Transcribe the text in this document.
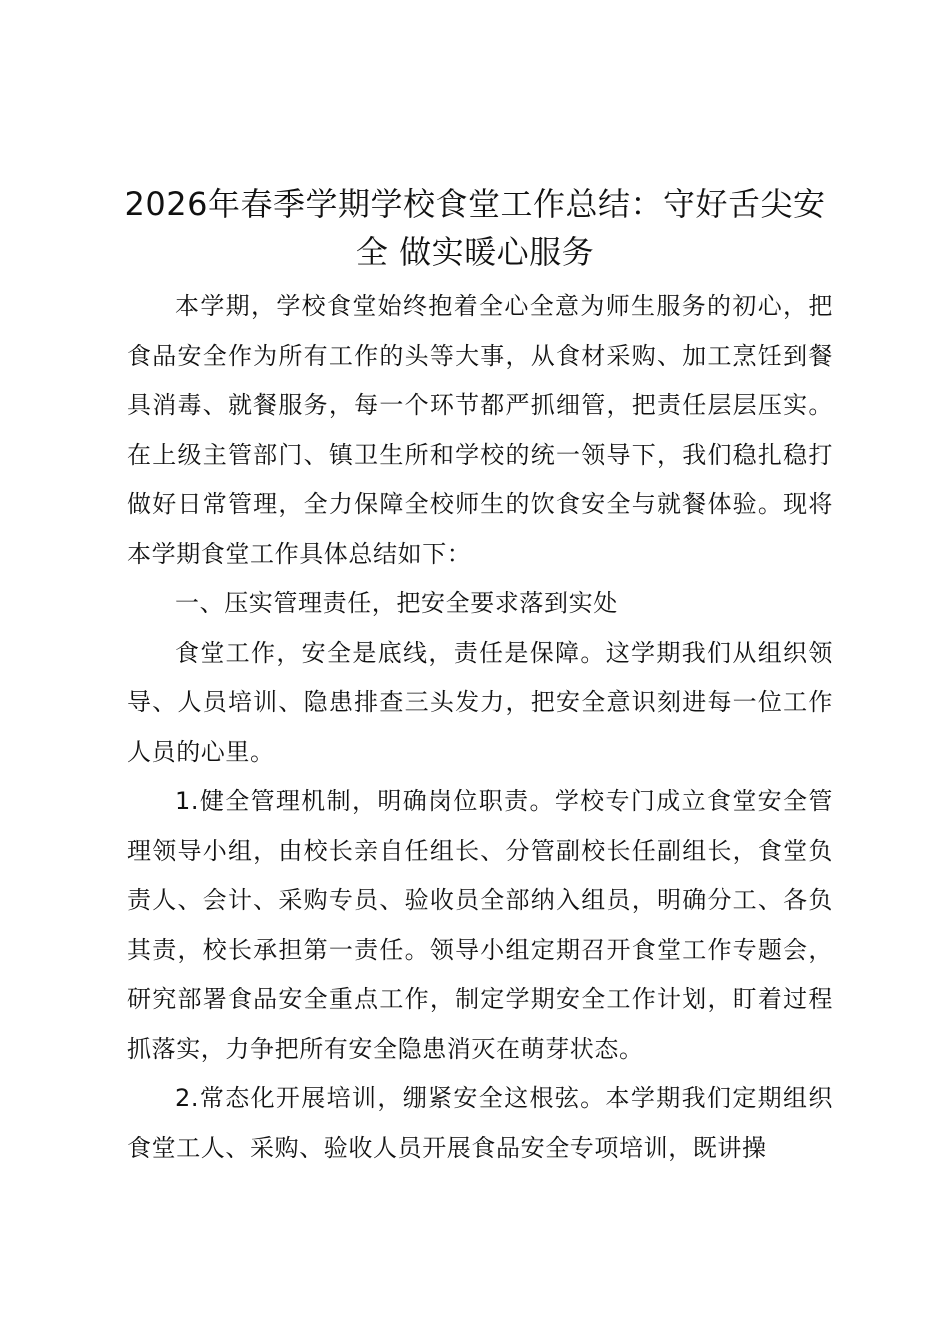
2026年春季学期学校食堂工作总结：守好舌尖安全 做实暖心服务

本学期，学校食堂始终抱着全心全意为师生服务的初心，把食品安全作为所有工作的头等大事，从食材采购、加工烹饪到餐具消毒、就餐服务，每一个环节都严抓细管，把责任层层压实。在上级主管部门、镇卫生所和学校的统一领导下，我们稳扎稳打做好日常管理，全力保障全校师生的饮食安全与就餐体验。现将本学期食堂工作具体总结如下：

一、压实管理责任，把安全要求落到实处

食堂工作，安全是底线，责任是保障。这学期我们从组织领导、人员培训、隐患排查三头发力，把安全意识刻进每一位工作人员的心里。

1.健全管理机制，明确岗位职责。学校专门成立食堂安全管理领导小组，由校长亲自任组长、分管副校长任副组长，食堂负责人、会计、采购专员、验收员全部纳入组员，明确分工、各负其责，校长承担第一责任。领导小组定期召开食堂工作专题会，研究部署食品安全重点工作，制定学期安全工作计划，盯着过程抓落实，力争把所有安全隐患消灭在萌芽状态。

2.常态化开展培训，绷紧安全这根弦。本学期我们定期组织食堂工人、采购、验收人员开展食品安全专项培训，既讲操
